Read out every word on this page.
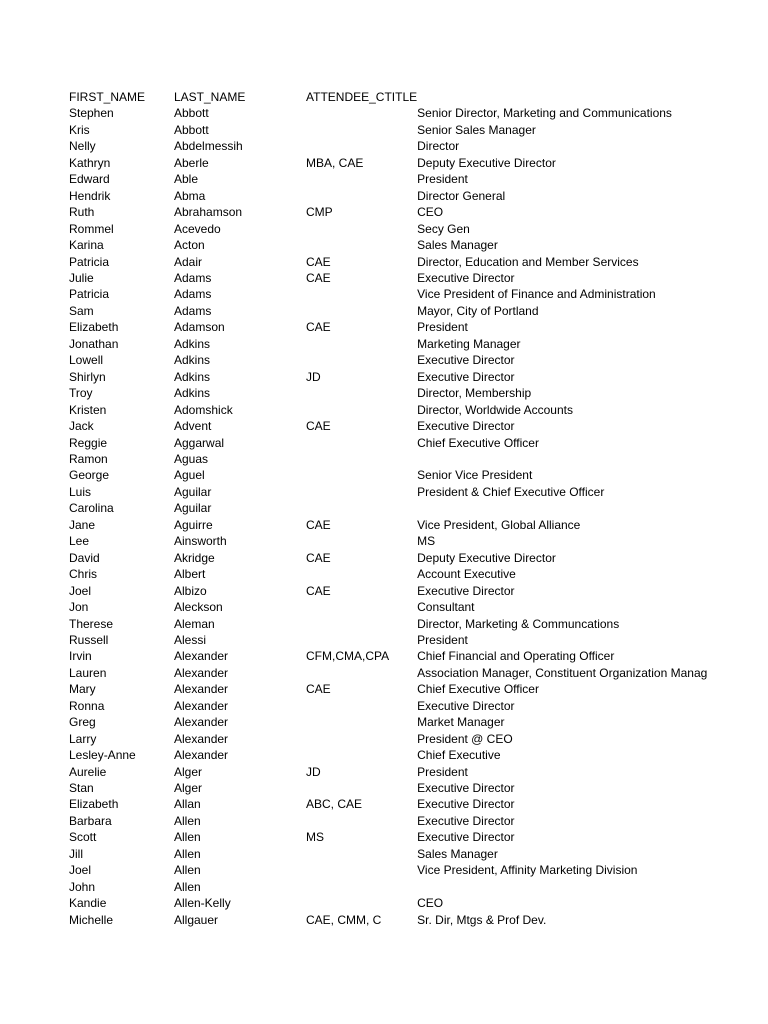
FIRST_NAME	LAST_NAME	ATTENDEE_CTITLE	
Stephen	Abbott		Senior Director, Marketing and Communications
Kris	Abbott		Senior Sales Manager
Nelly	Abdelmessih		Director
Kathryn	Aberle	MBA, CAE	Deputy Executive Director
Edward	Able		President
Hendrik	Abma		Director General
Ruth	Abrahamson	CMP	CEO
Rommel	Acevedo		Secy Gen
Karina	Acton		Sales Manager
Patricia	Adair	CAE	Director, Education and Member Services
Julie	Adams	CAE	Executive Director
Patricia	Adams		Vice President of Finance and Administration
Sam	Adams		Mayor, City of Portland
Elizabeth	Adamson	CAE	President
Jonathan	Adkins		Marketing Manager
Lowell	Adkins		Executive Director
Shirlyn	Adkins	JD	Executive Director
Troy	Adkins		Director, Membership
Kristen	Adomshick		Director, Worldwide Accounts
Jack	Advent	CAE	Executive Director
Reggie	Aggarwal		Chief Executive Officer
Ramon	Aguas		
George	Aguel		Senior Vice President
Luis	Aguilar		President & Chief Executive Officer
Carolina	Aguilar		
Jane	Aguirre	CAE	Vice President, Global Alliance
Lee	Ainsworth		MS
David	Akridge	CAE	Deputy Executive Director
Chris	Albert		Account Executive
Joel	Albizo	CAE	Executive Director
Jon	Aleckson		Consultant
Therese	Aleman		Director, Marketing & Communcations
Russell	Alessi		President
Irvin	Alexander	CFM,CMA,CPA	Chief Financial and Operating Officer
Lauren	Alexander		Association Manager, Constituent Organization Manag
Mary	Alexander	CAE	Chief Executive Officer
Ronna	Alexander		Executive Director
Greg	Alexander		Market Manager
Larry	Alexander		President @ CEO
Lesley-Anne	Alexander		Chief Executive
Aurelie	Alger	JD	President
Stan	Alger		Executive Director
Elizabeth	Allan	ABC, CAE	Executive Director
Barbara	Allen		Executive Director
Scott	Allen	MS	Executive Director
Jill	Allen		Sales Manager
Joel	Allen		Vice President, Affinity Marketing Division
John	Allen		
Kandie	Allen-Kelly		CEO
Michelle	Allgauer	CAE, CMM, C	Sr. Dir, Mtgs & Prof Dev.
